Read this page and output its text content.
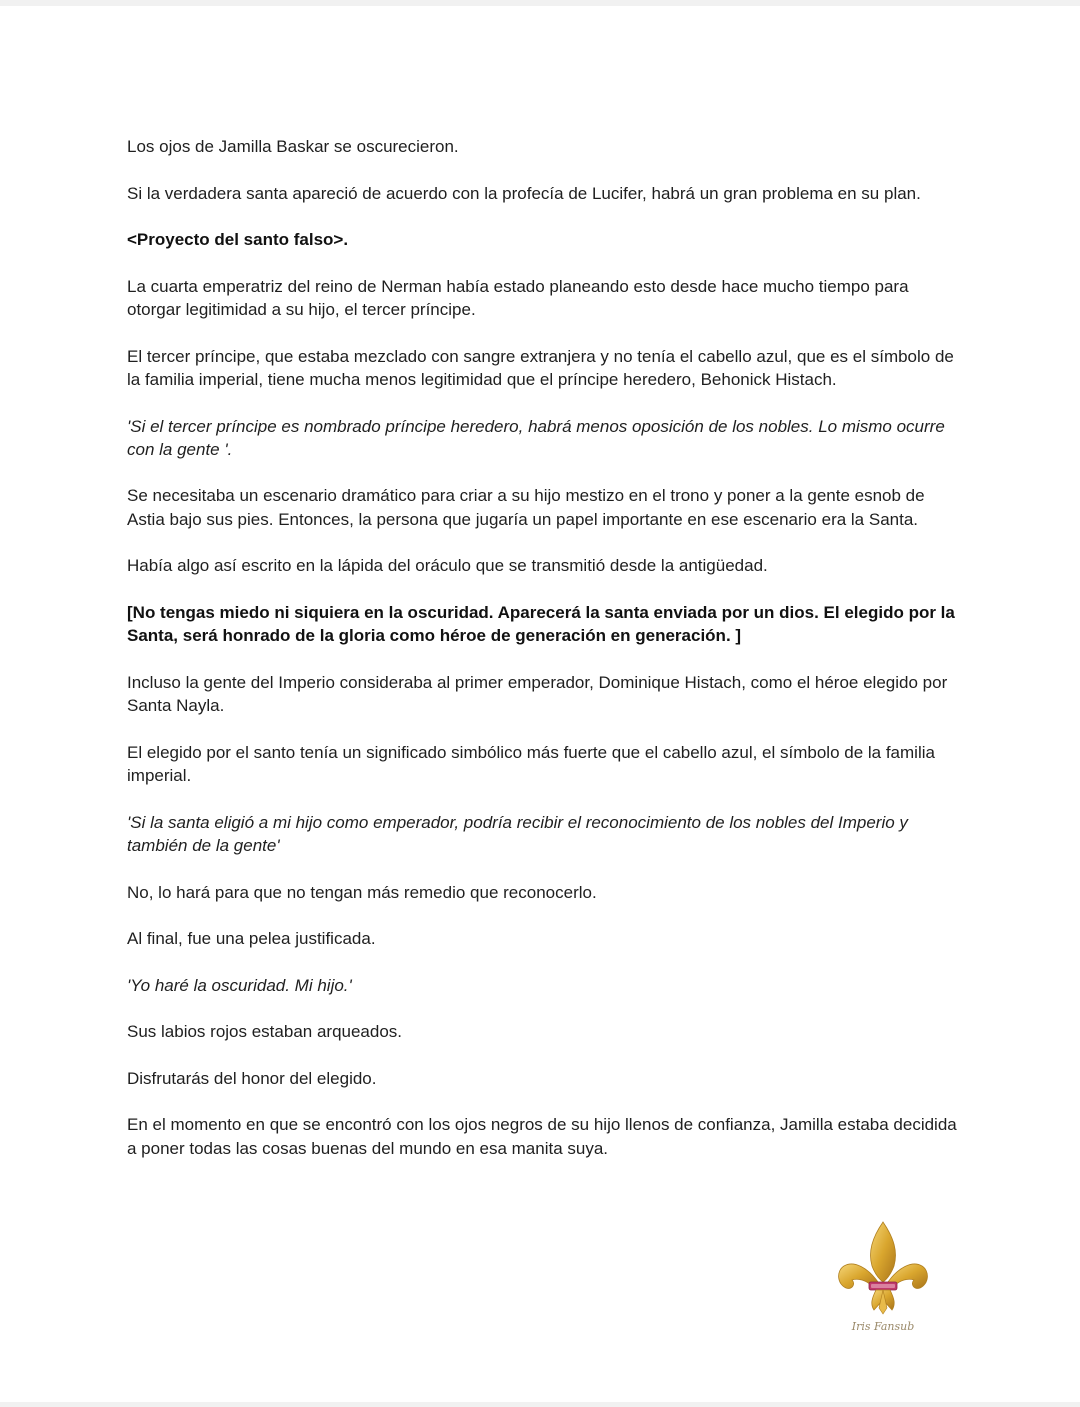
Los ojos de Jamilla Baskar se oscurecieron.

Si la verdadera santa apareció de acuerdo con la profecía de Lucifer, habrá un gran problema en su plan.

<Proyecto del santo falso>.

La cuarta emperatriz del reino de Nerman había estado planeando esto desde hace mucho tiempo para otorgar legitimidad a su hijo, el tercer príncipe.

El tercer príncipe, que estaba mezclado con sangre extranjera y no tenía el cabello azul, que es el símbolo de la familia imperial, tiene mucha menos legitimidad que el príncipe heredero, Behonick Histach.

'Si el tercer príncipe es nombrado príncipe heredero, habrá menos oposición de los nobles. Lo mismo ocurre con la gente '.

Se necesitaba un escenario dramático para criar a su hijo mestizo en el trono y poner a la gente esnob de Astia bajo sus pies. Entonces, la persona que jugaría un papel importante en ese escenario era la Santa.

Había algo así escrito en la lápida del oráculo que se transmitió desde la antigüedad.

[No tengas miedo ni siquiera en la oscuridad. Aparecerá la santa enviada por un dios. El elegido por la Santa, será honrado de la gloria como héroe de generación en generación. ]

Incluso la gente del Imperio consideraba al primer emperador, Dominique Histach, como el héroe elegido por Santa Nayla.

El elegido por el santo tenía un significado simbólico más fuerte que el cabello azul, el símbolo de la familia imperial.

'Si la santa eligió a mi hijo como emperador, podría recibir el reconocimiento de los nobles del Imperio y también de la gente'

No, lo hará para que no tengan más remedio que reconocerlo.

Al final, fue una pelea justificada.

'Yo haré la oscuridad. Mi hijo.'

Sus labios rojos estaban arqueados.

Disfrutarás del honor del elegido.

En el momento en que se encontró con los ojos negros de su hijo llenos de confianza, Jamilla estaba decidida a poner todas las cosas buenas del mundo en esa manita suya.

Iris Fansub
